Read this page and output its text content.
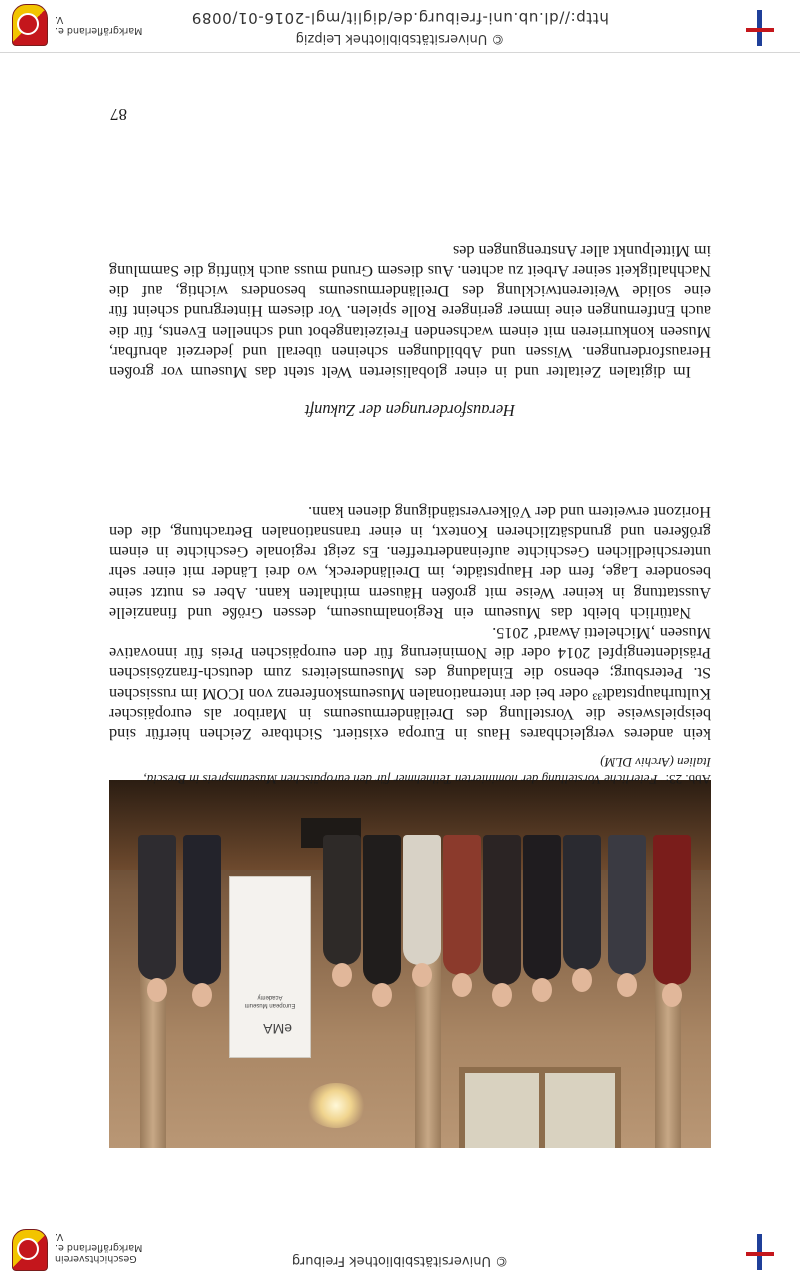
© Universitätsbibliothek Freiburg
Geschichtsverein
Markgräflerland e. V.
eMA
European Museum Academy
Abb. 23:Feierliche Vorstellung der nominierten Teilnehmer für den europäischen Museumspreis in Brescia, Italien (Archiv DLM)

kein anderes vergleichbares Haus in Europa existiert. Sichtbare Zeichen hierfür sind beispielsweise die Vorstellung des Dreiländermuseums in Maribor als europäischer Kulturhauptstadt³³ oder bei der internationalen Museumskonferenz von ICOM im russischen St. Petersburg; ebenso die Einladung des Museumsleiters zum deutsch-französischen Präsidentengipfel 2014 oder die Nominierung für den europäischen Preis für innovative Museen ‚Micheletti Award‘ 2015.

Natürlich bleibt das Museum ein Regionalmuseum, dessen Größe und finanzielle Ausstattung in keiner Weise mit großen Häusern mithalten kann. Aber es nutzt seine besondere Lage, fern der Hauptstädte, im Dreiländereck, wo drei Länder mit einer sehr unterschiedlichen Geschichte aufeinandertreffen. Es zeigt regionale Geschichte in einem größeren und grundsätzlicheren Kontext, in einer transnationalen Betrachtung, die den Horizont erweitern und der Völkerverständigung dienen kann.

Herausforderungen der Zukunft

Im digitalen Zeitalter und in einer globalisierten Welt steht das Museum vor großen Herausforderungen. Wissen und Abbildungen scheinen überall und jederzeit abrufbar, Museen konkurrieren mit einem wachsenden Freizeitangebot und schnellen Events, für die auch Entfernungen eine immer geringere Rolle spielen. Vor diesem Hintergrund scheint für eine solide Weiterentwicklung des Dreiländermuseums besonders wichtig, auf die Nachhaltigkeit seiner Arbeit zu achten. Aus diesem Grund muss auch künftig die Sammlung im Mittelpunkt aller Anstrengungen des

87
© Universitätsbibliothek Leipzig
http://dl.ub.uni-freiburg.de/diglit/mgl-2016-01/0089
Markgräflerland e. V.
